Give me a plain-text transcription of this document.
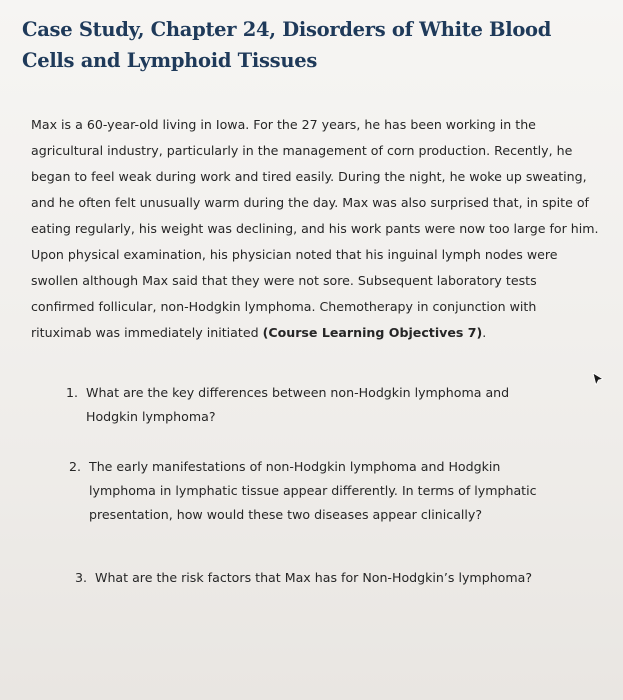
Case Study, Chapter 24, Disorders of White Blood Cells and Lymphoid Tissues

Max is a 60-year-old living in Iowa. For the 27 years, he has been working in the agricultural industry, particularly in the management of corn production. Recently, he began to feel weak during work and tired easily. During the night, he woke up sweating, and he often felt unusually warm during the day. Max was also surprised that, in spite of eating regularly, his weight was declining, and his work pants were now too large for him. Upon physical examination, his physician noted that his inguinal lymph nodes were swollen although Max said that they were not sore. Subsequent laboratory tests confirmed follicular, non-Hodgkin lymphoma. Chemotherapy in conjunction with rituximab was immediately initiated (Course Learning Objectives 7).

1. What are the key differences between non-Hodgkin lymphoma and Hodgkin lymphoma?
2. The early manifestations of non-Hodgkin lymphoma and Hodgkin lymphoma in lymphatic tissue appear differently. In terms of lymphatic presentation, how would these two diseases appear clinically?
3. What are the risk factors that Max has for Non-Hodgkin’s lymphoma?
